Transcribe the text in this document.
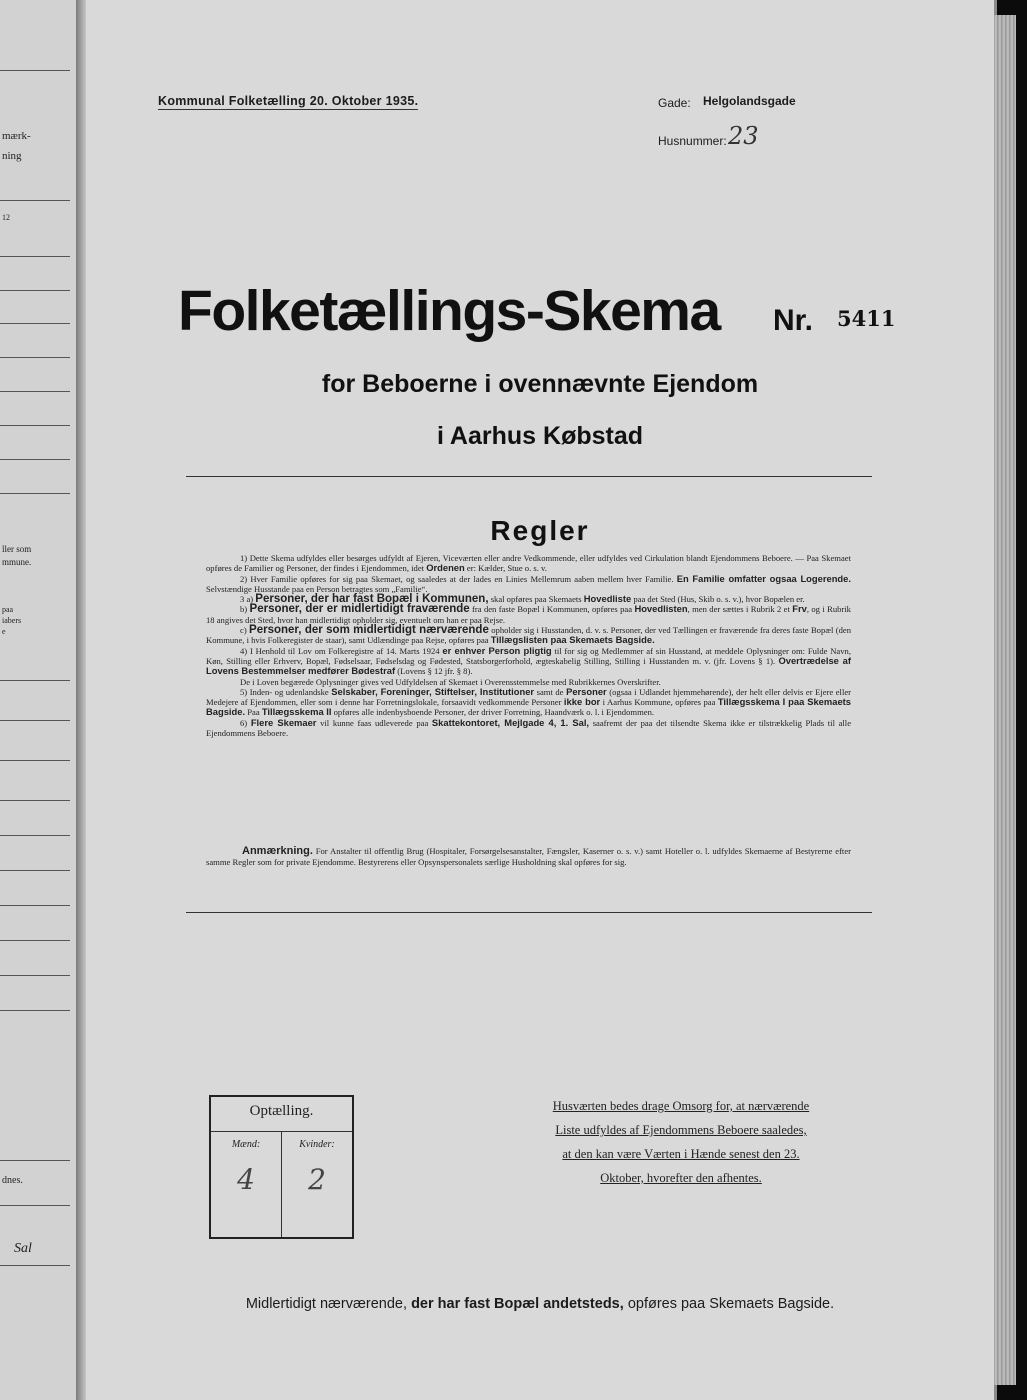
mærk-
ning
12
ller som
mmune.
paa
iabers
e
dnes.
Sal
Kommunal Folketælling 20. Oktober 1935.	Gade: Helgolandsgade
Husnummer: 23
Folketællings-Skema Nr. 5411
for Beboerne i ovennævnte Ejendom
i Aarhus Købstad
Regler

1) Dette Skema udfyldes eller besørges udfyldt af Ejeren, Viceværten eller andre Vedkommende, eller udfyldes ved Cirkulation blandt Ejendommens Beboere. — Paa Skemaet opføres de Familier og Personer, der findes i Ejendommen, idet Ordenen er: Kælder, Stue o. s. v.

2) Hver Familie opføres for sig paa Skemaet, og saaledes at der lades en Linies Mellemrum aaben mellem hver Familie. En Familie omfatter ogsaa Logerende. Selvstændige Husstande paa en Person betragtes som „Familie“.

3 a) Personer, der har fast Bopæl i Kommunen, skal opføres paa Skemaets Hovedliste paa det Sted (Hus, Skib o. s. v.), hvor Bopælen er.

b) Personer, der er midlertidigt fraværende fra den faste Bopæl i Kommunen, opføres paa Hovedlisten, men der sættes i Rubrik 2 et Frv, og i Rubrik 18 angives det Sted, hvor han midlertidigt opholder sig, eventuelt om han er paa Rejse.

c) Personer, der som midlertidigt nærværende opholder sig i Husstanden, d. v. s. Personer, der ved Tællingen er fraværende fra deres faste Bopæl (den Kommune, i hvis Folkeregister de staar), samt Udlændinge paa Rejse, opføres paa Tillægslisten paa Skemaets Bagside.

4) I Henhold til Lov om Folkeregistre af 14. Marts 1924 er enhver Person pligtig til for sig og Medlemmer af sin Husstand, at meddele Oplysninger om: Fulde Navn, Køn, Stilling eller Erhverv, Bopæl, Fødselsaar, Fødselsdag og Fødested, Statsborgerforhold, ægteskabelig Stilling, Stilling i Husstanden m. v. (jfr. Lovens § 1). Overtrædelse af Lovens Bestemmelser medfører Bødestraf (Lovens § 12 jfr. § 8).

De i Loven begærede Oplysninger gives ved Udfyldelsen af Skemaet i Overensstemmelse med Rubrikkernes Overskrifter.

5) Inden- og udenlandske Selskaber, Foreninger, Stiftelser, Institutioner samt de Personer (ogsaa i Udlandet hjemmehørende), der helt eller delvis er Ejere eller Medejere af Ejendommen, eller som i denne har Forretningslokale, forsaavidt vedkommende Personer ikke bor i Aarhus Kommune, opføres paa Tillægsskema I paa Skemaets Bagside. Paa Tillægsskema II opføres alle indenbysboende Personer, der driver Forretning, Haandværk o. l. i Ejendommen.

6) Flere Skemaer vil kunne faas udleverede paa Skattekontoret, Mejlgade 4, 1. Sal, saafremt der paa det tilsendte Skema ikke er tilstrækkelig Plads til alle Ejendommens Beboere.

Anmærkning. For Anstalter til offentlig Brug (Hospitaler, Forsørgelsesanstalter, Fængsler, Kaserner o. s. v.) samt Hoteller o. l. udfyldes Skemaerne af Bestyrerne efter samme Regler som for private Ejendomme. Bestyrerens eller Opsynspersonalets særlige Husholdning skal opføres for sig.
Optælling.
Mænd:	Kvinder:
4	2
Husværten bedes drage Omsorg for, at nærværende
Liste udfyldes af Ejendommens Beboere saaledes,
at den kan være Værten i Hænde senest den 23.
Oktober, hvorefter den afhentes.
Midlertidigt nærværende, der har fast Bopæl andetsteds, opføres paa Skemaets Bagside.
